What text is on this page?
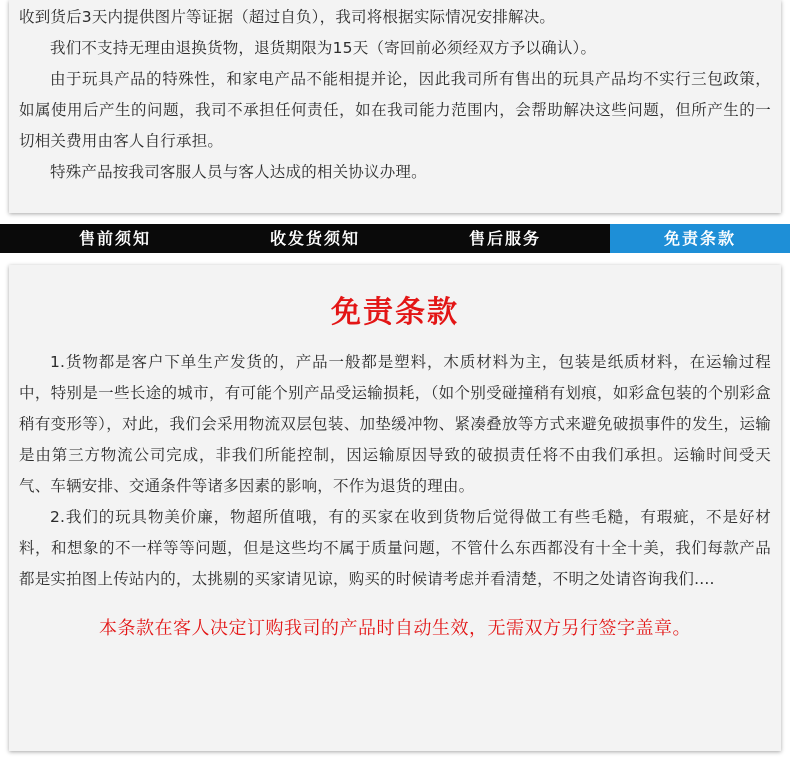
收到货后3天内提供图片等证据（超过自负），我司将根据实际情况安排解决。

我们不支持无理由退换货物，退货期限为15天（寄回前必须经双方予以确认）。

由于玩具产品的特殊性，和家电产品不能相提并论，因此我司所有售出的玩具产品均不实行三包政策，如属使用后产生的问题，我司不承担任何责任，如在我司能力范围内，会帮助解决这些问题，但所产生的一切相关费用由客人自行承担。

特殊产品按我司客服人员与客人达成的相关协议办理。

售前须知	收发货须知	售后服务	免责条款
免责条款

1.货物都是客户下单生产发货的，产品一般都是塑料，木质材料为主，包装是纸质材料，在运输过程中，特别是一些长途的城市，有可能个别产品受运输损耗，（如个别受碰撞稍有划痕，如彩盒包装的个别彩盒稍有变形等），对此，我们会采用物流双层包装、加垫缓冲物、紧凑叠放等方式来避免破损事件的发生，运输是由第三方物流公司完成，非我们所能控制，因运输原因导致的破损责任将不由我们承担。运输时间受天气、车辆安排、交通条件等诸多因素的影响，不作为退货的理由。

2.我们的玩具物美价廉，物超所值哦，有的买家在收到货物后觉得做工有些毛糙，有瑕疵，不是好材料，和想象的不一样等等问题，但是这些均不属于质量问题，不管什么东西都没有十全十美，我们每款产品都是实拍图上传站内的，太挑剔的买家请见谅，购买的时候请考虑并看清楚，不明之处请咨询我们....

本条款在客人决定订购我司的产品时自动生效，无需双方另行签字盖章。
